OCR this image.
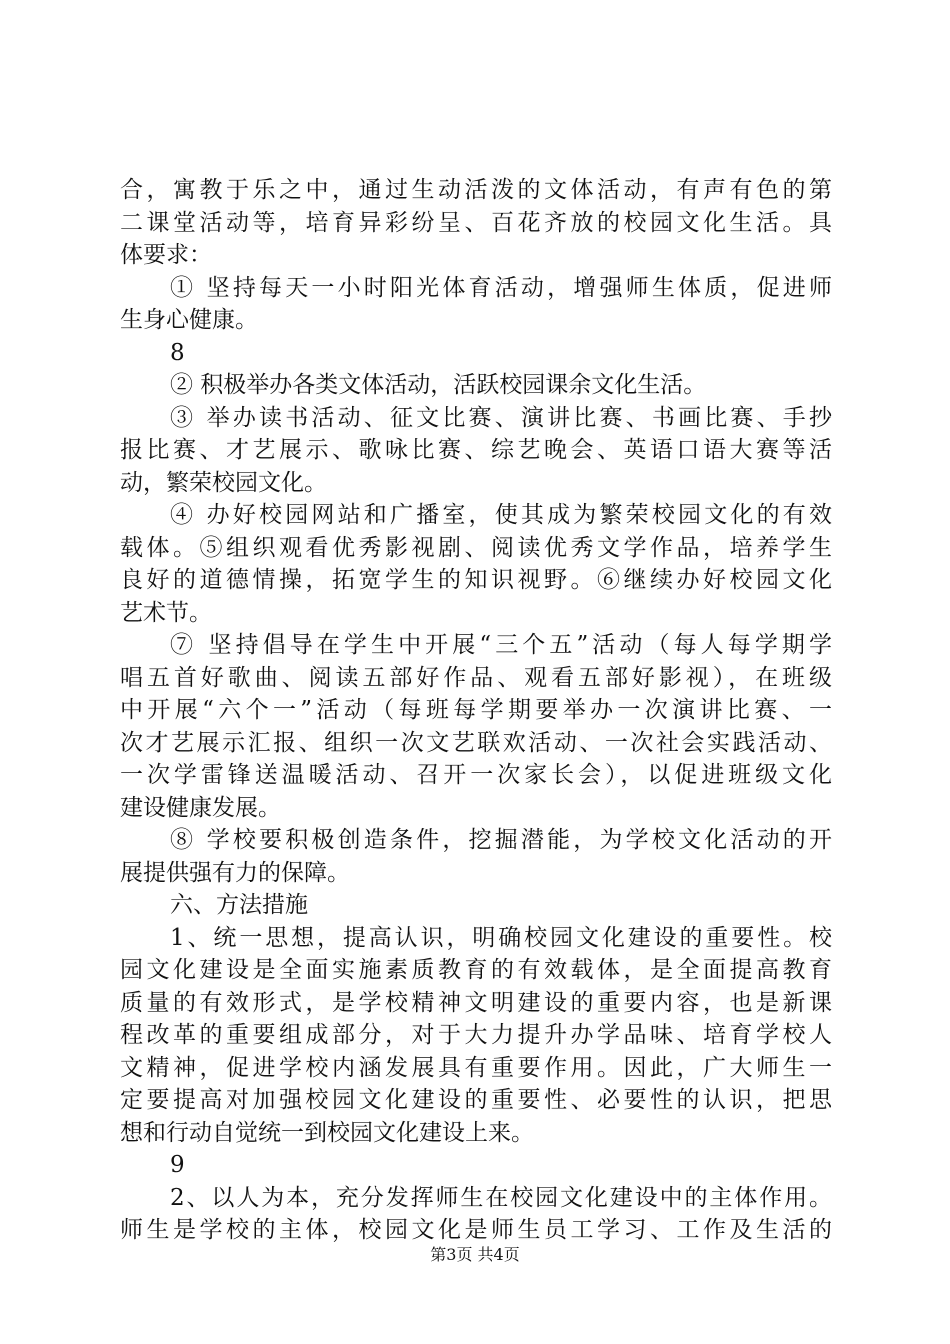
合，寓教于乐之中，通过生动活泼的文体活动，有声有色的第
二课堂活动等，培育异彩纷呈、百花齐放的校园文化生活。具
体要求：
① 坚持每天一小时阳光体育活动，增强师生体质，促进师
生身心健康。
8
② 积极举办各类文体活动，活跃校园课余文化生活。
③ 举办读书活动、征文比赛、演讲比赛、书画比赛、手抄
报比赛、才艺展示、歌咏比赛、综艺晚会、英语口语大赛等活
动，繁荣校园文化。
④ 办好校园网站和广播室，使其成为繁荣校园文化的有效
载体。⑤组织观看优秀影视剧、阅读优秀文学作品，培养学生
良好的道德情操，拓宽学生的知识视野。⑥继续办好校园文化
艺术节。
⑦ 坚持倡导在学生中开展“三个五”活动（每人每学期学
唱五首好歌曲、阅读五部好作品、观看五部好影视），在班级
中开展“六个一”活动（每班每学期要举办一次演讲比赛、一
次才艺展示汇报、组织一次文艺联欢活动、一次社会实践活动、
一次学雷锋送温暖活动、召开一次家长会），以促进班级文化
建设健康发展。
⑧ 学校要积极创造条件，挖掘潜能，为学校文化活动的开
展提供强有力的保障。
六、方法措施
1、统一思想，提高认识，明确校园文化建设的重要性。校
园文化建设是全面实施素质教育的有效载体，是全面提高教育
质量的有效形式，是学校精神文明建设的重要内容，也是新课
程改革的重要组成部分，对于大力提升办学品味、培育学校人
文精神，促进学校内涵发展具有重要作用。因此，广大师生一
定要提高对加强校园文化建设的重要性、必要性的认识，把思
想和行动自觉统一到校园文化建设上来。
9
2、以人为本，充分发挥师生在校园文化建设中的主体作用。
师生是学校的主体，校园文化是师生员工学习、工作及生活的
第3页 共4页
